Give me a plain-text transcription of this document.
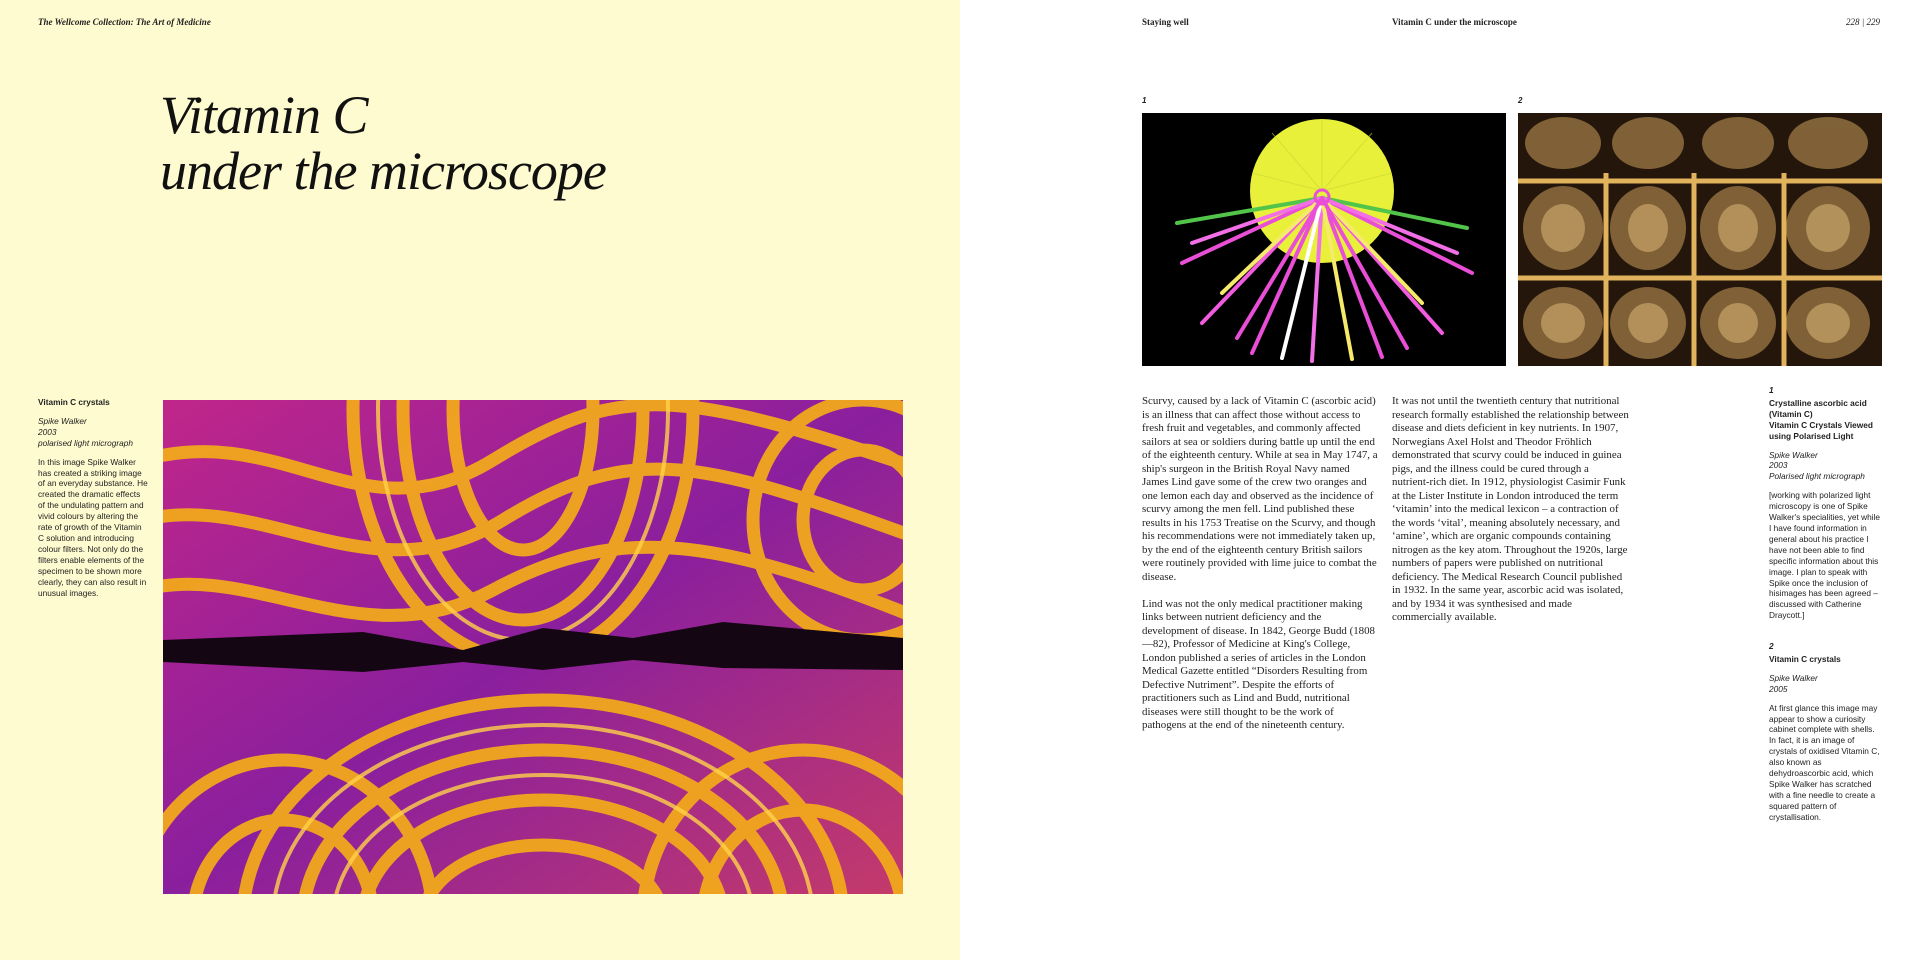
The Wellcome Collection: The Art of Medicine
Vitamin C
under the microscope
Vitamin C crystals
Spike Walker
2003
polarised light micrograph
In this image Spike Walker has created a striking image of an everyday substance. He created the dramatic effects of the undulating pattern and vivid colours by altering the rate of growth of the Vitamin C solution and introducing colour filters. Not only do the filters enable elements of the specimen to be shown more clearly, they can also result in unusual images.
Staying well	Vitamin C under the microscope	228 | 229
1	2

Scurvy, caused by a lack of Vitamin C (ascorbic acid) is an illness that can affect those without access to fresh fruit and vegetables, and commonly affected sailors at sea or soldiers during battle up until the end of the eighteenth century. While at sea in May 1747, a ship's surgeon in the British Royal Navy named James Lind gave some of the crew two oranges and one lemon each day and observed as the incidence of scurvy among the men fell. Lind published these results in his 1753 Treatise on the Scurvy, and though his recommendations were not immediately taken up, by the end of the eighteenth century British sailors were routinely provided with lime juice to combat the disease.

Lind was not the only medical practitioner making links between nutrient deficiency and the development of disease. In 1842, George Budd (1808—82), Professor of Medicine at King's College, London published a series of articles in the London Medical Gazette entitled “Disorders Resulting from Defective Nutriment”. Despite the efforts of practitioners such as Lind and Budd, nutritional diseases were still thought to be the work of pathogens at the end of the nineteenth century.

It was not until the twentieth century that nutritional research formally established the relationship between disease and diets deficient in key nutrients. In 1907, Norwegians Axel Holst and Theodor Fröhlich demonstrated that scurvy could be induced in guinea pigs, and the illness could be cured through a nutrient-rich diet. In 1912, physiologist Casimir Funk at the Lister Institute in London introduced the term ‘vitamin’ into the medical lexicon – a contraction of the words ‘vital’, meaning absolutely necessary, and ‘amine’, which are organic compounds containing nitrogen as the key atom. Throughout the 1920s, large numbers of papers were published on nutritional deficiency. The Medical Research Council published in 1932. In the same year, ascorbic acid was isolated, and by 1934 it was synthesised and made commercially available.

1
Crystalline ascorbic acid
(Vitamin C)
Vitamin C Crystals Viewed
using Polarised Light
Spike Walker
2003
Polarised light micrograph
[working with polarized light microscopy is one of Spike Walker's specialities, yet while I have found information in general about his practice I have not been able to find specific information about this image. I plan to speak with Spike once the inclusion of hisimages has been agreed – discussed with Catherine Draycott.]
2
Vitamin C crystals
Spike Walker
2005
At first glance this image may appear to show a curiosity cabinet complete with shells. In fact, it is an image of crystals of oxidised Vitamin C, also known as dehydroascorbic acid, which Spike Walker has scratched with a fine needle to create a squared pattern of crystallisation.
